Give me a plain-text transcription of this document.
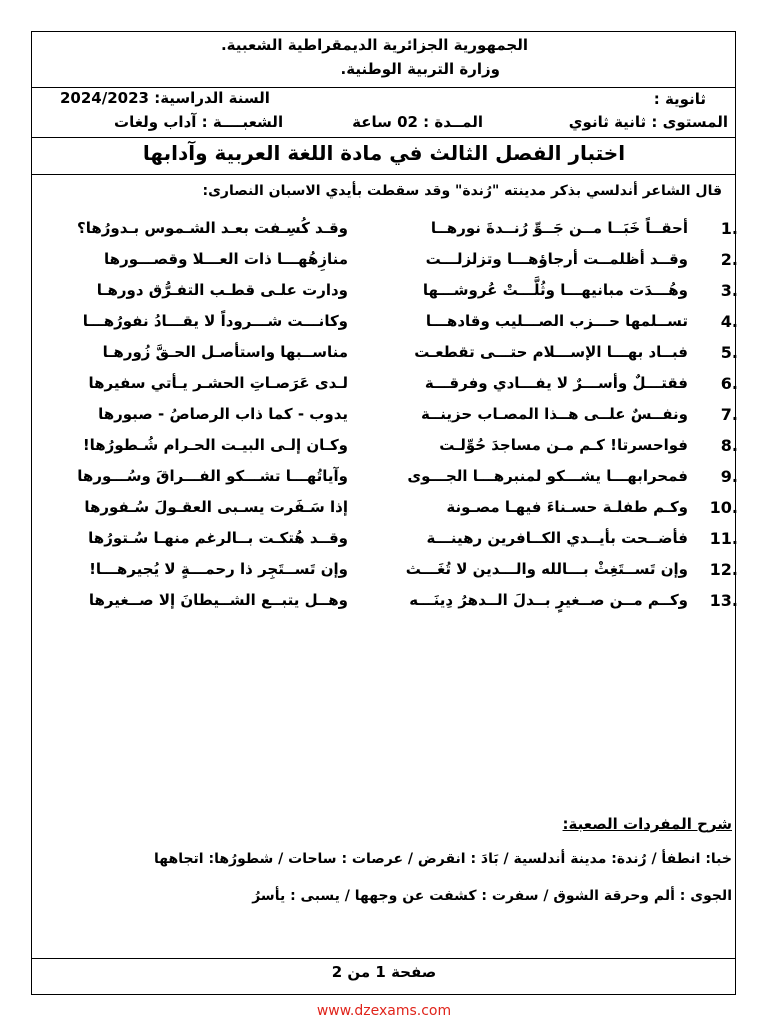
الجمهورية الجزائرية الديمقراطية الشعبية.
وزارة التربية الوطنية.
ثانوية :
السنة الدراسية: 2024/2023
المستوى : ثانية ثانوي
المــدة : 02 ساعة
الشعبــــة : آداب ولغات
اختبار الفصل الثالث في مادة اللغة العربية وآدابها
قال الشاعر أندلسي بذكر مدينته "رُندة" وقد سقطت بأيدي الاسبان النصارى:
1.
أحقــاً خَبَــا مــن جَــوِّ رُنــدةَ نورهــا
وقـد كُسِـفت بعـد الشـموس بـدورُها؟
2.
وقــد أظلمــت أرجاؤهـــا وتزلزلـــت
منازِهُهـــا ذات العـــلا وقصـــورها
3.
وهُـــدَت مبانيهـــا وثُلَّـــتْ عُروشـــها
ودارت علـى قطـب التفـرُّق دورهـا
4.
تســلمها حـــزب الصـــليب وقادهـــا
وكانـــت شـــروداً لا يقـــادُ نفورُهـــا
5.
فبــاد بهـــا الإســـلام حتـــى تقطعـت
مناســبها واستأصـل الحـقَّ زُورهـا
6.
فقتـــلٌ وأســـرٌ لا يفـــادي وفرقـــة
لـدى عَرَصـاتِ الحشـر يـأتي سفيرها
7.
ونفــسٌ علــى هــذا المصـاب حزينــة
يدوب - كما ذاب الرصاصُ - صبورها
8.
فواحسرتا! كـم مـن مساجدَ حُوِّلـت
وكـان إلـى البيـت الحـرام شُـطورُها!
9.
فمحرابهـــا يشـــكو لمنبرهـــا الجـــوى
وآياتُهـــا تشـــكو الفـــراقَ وسُـــورها
10.
وكـم طفلـة حسـناءَ فيهـا مصـونة
إذا سَـفَرت يسـبى العقـولَ سُـفورها
11.
فأضــحت بأيــدي الكــافرين رهينـــة
وقــد هُتكـت بــالرغم منهـا سُـتورُها
12.
وإن تَســتَغِثْ بـــالله والـــدين لا تُغَـــث
وإن تَســتَجِر ذا رحمـــةٍ لا يُجيرهـــا!
13.
وكــم مــن صــغيرٍ بــدلَ الــدهرُ دِينَـــه
وهــل يتبــع الشــيطانَ إلا صــغيرها
شرح المفردات الصعبة:
خبا: انطفأ / رُندة: مدينة أندلسية / بَادَ : انقرض / عرصات : ساحات / شطورُها: اتجاهها
الجوى : ألم وحرقة الشوق / سفرت : كشفت عن وجهها / يسبى : يأسرُ
صفحة 1 من 2
www.dzexams.com
